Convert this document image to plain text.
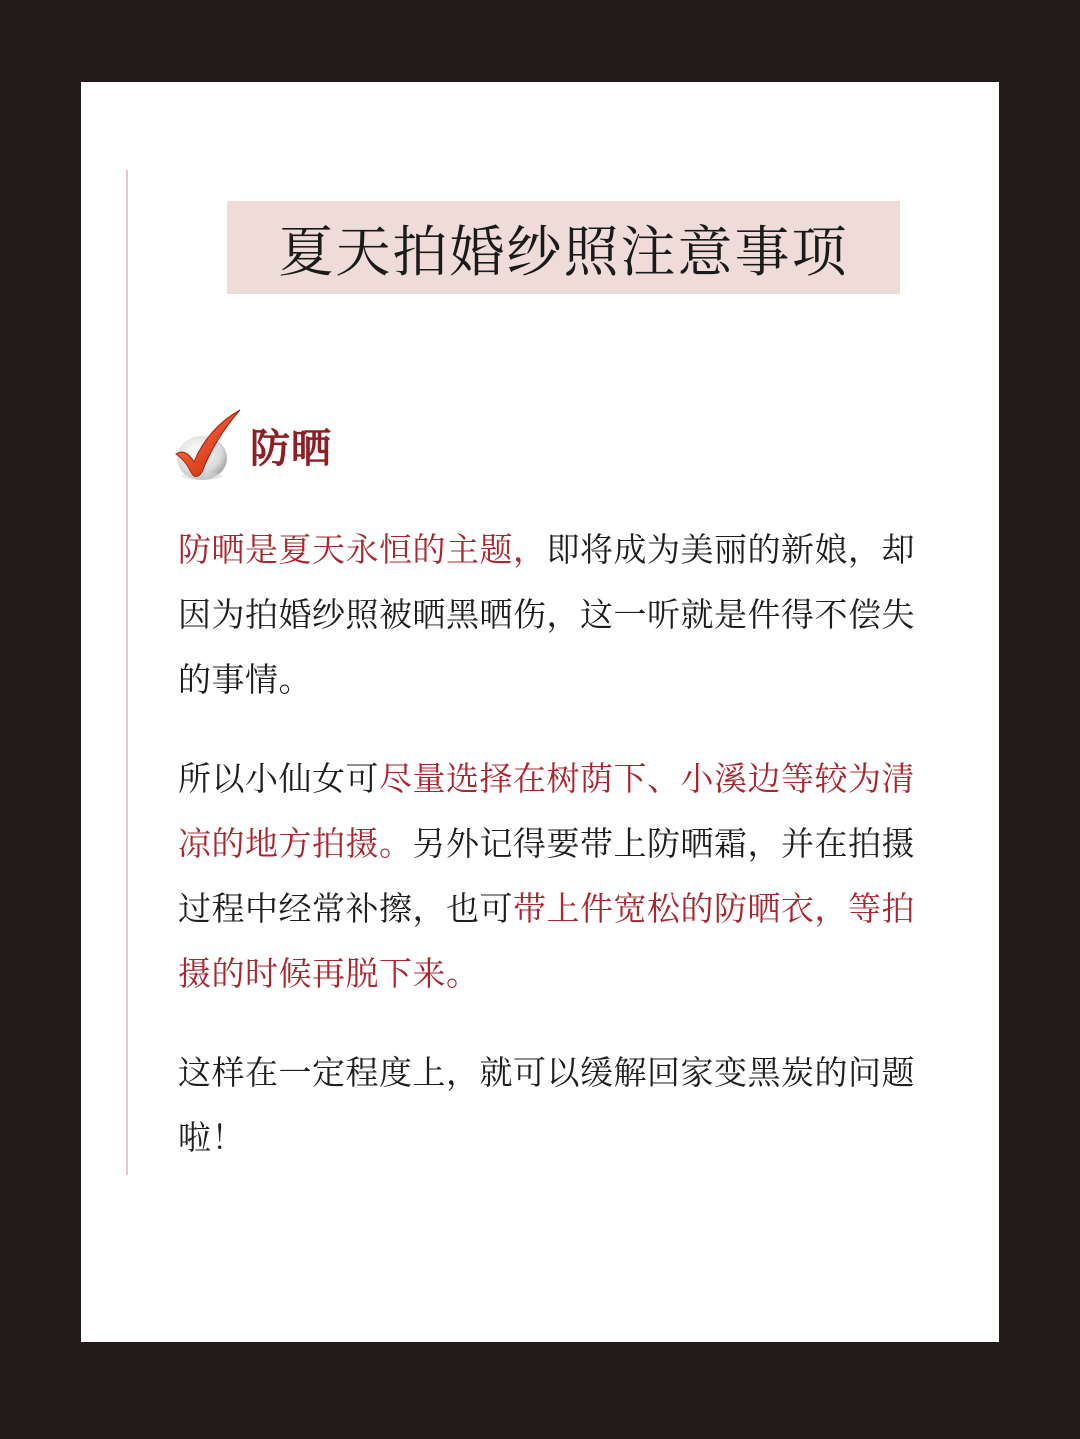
夏天拍婚纱照注意事项
防晒

防晒是夏天永恒的主题，即将成为美丽的新娘，却因为拍婚纱照被晒黑晒伤，这一听就是件得不偿失的事情。

所以小仙女可尽量选择在树荫下、小溪边等较为清凉的地方拍摄。另外记得要带上防晒霜，并在拍摄过程中经常补擦，也可带上件宽松的防晒衣，等拍摄的时候再脱下来。

这样在一定程度上，就可以缓解回家变黑炭的问题啦！
